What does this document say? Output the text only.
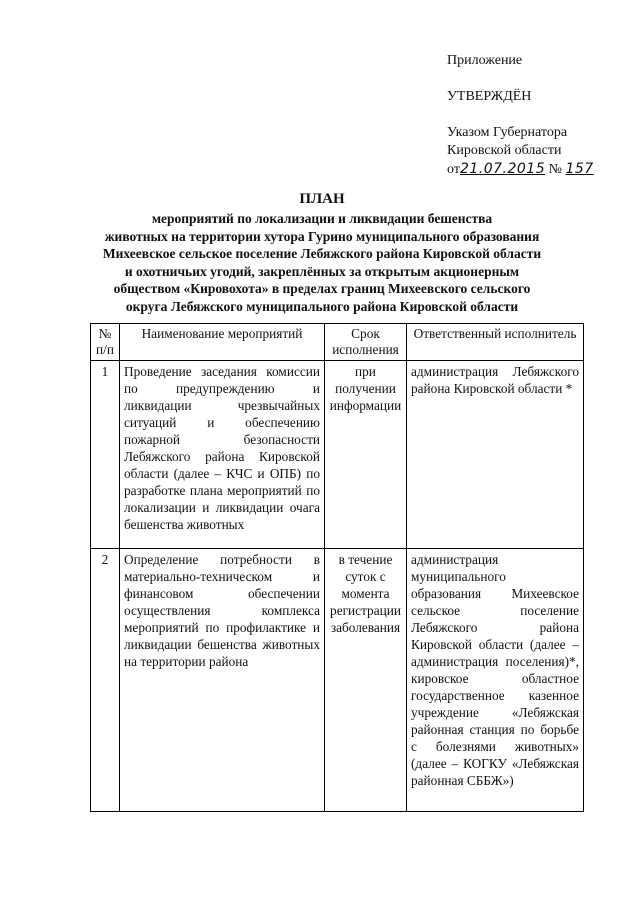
Приложение
УТВЕРЖДЁН
Указом Губернатора
Кировской области
от21.07.2015 № 157
ПЛАН
мероприятий по локализации и ликвидации бешенства
животных на территории хутора Гурино муниципального образования
Михеевское сельское поселение Лебяжского района Кировской области
и охотничьих угодий, закреплённых за открытым акционерным
обществом «Кировохота» в пределах границ Михеевского сельского
округа Лебяжского муниципального района Кировской области
№ п/п	Наименование мероприятий	Срок исполнения	Ответственный исполнитель
1	Проведение заседания комиссии по предупреждению и ликвидации чрезвычайных ситуаций и обеспечению пожарной безопасности Лебяжского района Кировской области (далее – КЧС и ОПБ) по разработке плана мероприятий по локализации и ликвидации очага бешенства животных	при получении информации	администрация Лебяжского района Кировской области *
2	Определение потребности в материально-техническом и финансовом обеспечении осуществления комплекса мероприятий по профилактике и ликвидации бешенства животных на территории района	в течение суток с момента регистрации заболевания	администрация муниципального образования Михеевское сельское поселение Лебяжского района Кировской области (далее – администрация поселения)*, кировское областное государственное казенное учреждение «Лебяжская районная станция по борьбе с болезнями животных» (далее – КОГКУ «Лебяжская районная СББЖ»)
